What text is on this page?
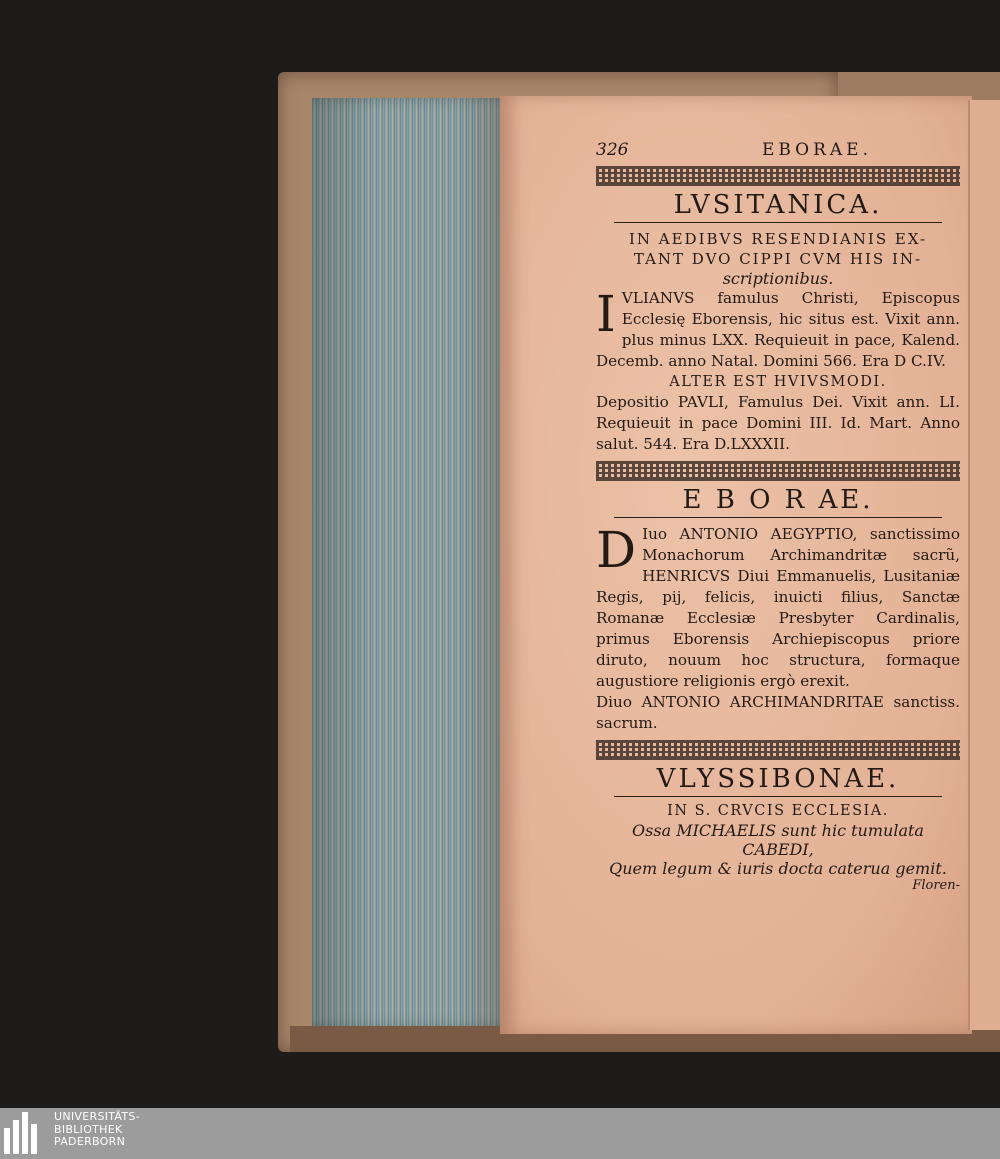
326	EBORAE.
LVSITANICA.
IN AEDIBVS RESENDIANIS EX-
TANT DVO CIPPI CVM HIS IN-
scriptionibus.

IVLIANVS famulus Christi, Episcopus Ecclesię Eborensis, hic situs est. Vixit ann. plus minus LXX. Requieuit in pace, Kalend. Decemb. anno Natal. Domini 566. Era D C.IV.

ALTER EST HVIVSMODI.

Depositio PAVLI, Famulus Dei. Vixit ann. LI. Requieuit in pace Domini III. Id. Mart. Anno salut. 544. Era D.LXXXII.

E B O R AE.

D Iuo ANTONIO AEGYPTIO, sanctissimo Monachorum Archimandritæ sacrũ, HENRICVS Diui Emmanuelis, Lusitaniæ Regis, pij, felicis, inuicti filius, Sanctæ Romanæ Ecclesiæ Presbyter Cardinalis, primus Eborensis Archiepiscopus priore diruto, nouum hoc structura, formaque augustiore religionis ergò erexit.

Diuo ANTONIO ARCHIMANDRITAE sanctiss. sacrum.

VLYSSIBONAE.
IN S. CRVCIS ECCLESIA.
Ossa MICHAELIS sunt hic tumulata CABEDI,
Quem legum & iuris docta caterua gemit.
Floren-
UNIVERSITÄTS-
BIBLIOTHEK
PADERBORN
